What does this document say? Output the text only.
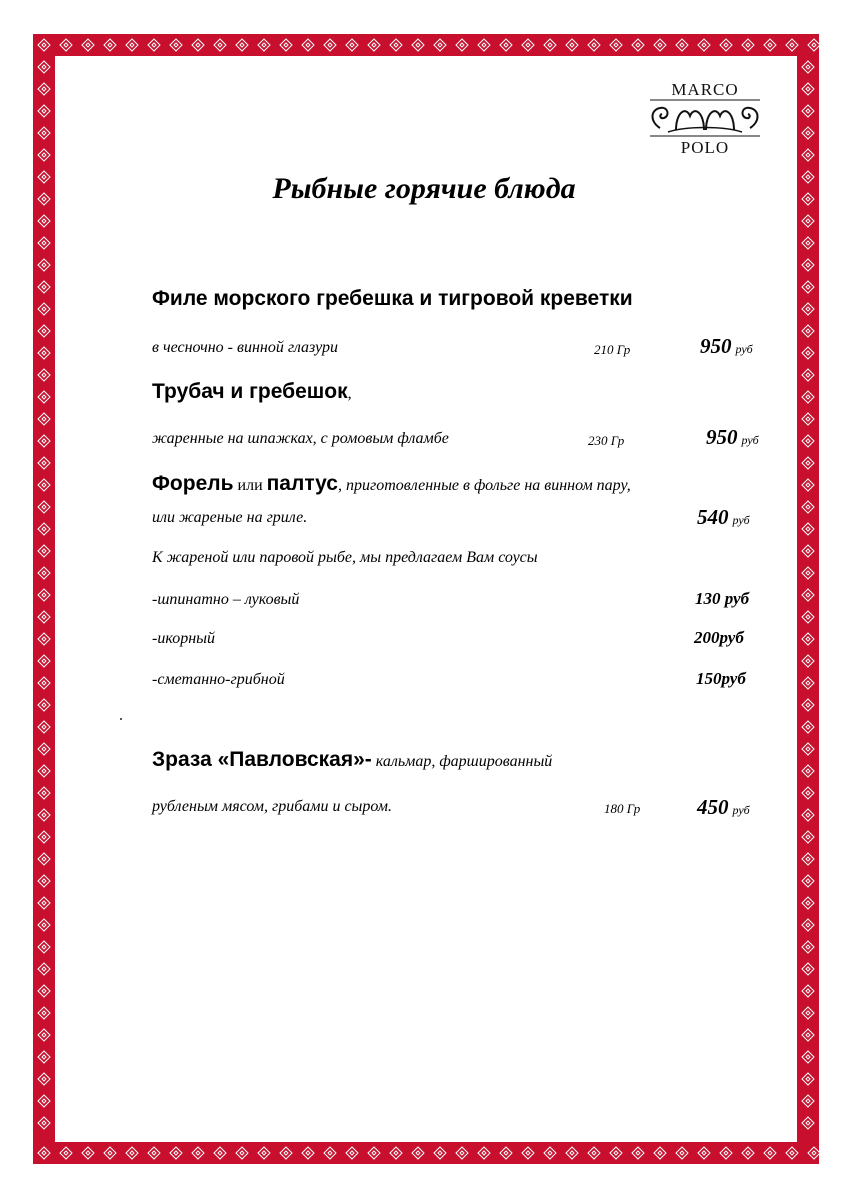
MARCO
POLO
Рыбные горячие блюда
Филе морского гребешка и тигровой креветки
в чесночно - винной глазури	210 Гр	950 руб
Трубач и гребешок,
жаренные на шпажках, с ромовым фламбе	230 Гр	950 руб
Форель или палтус, приготовленные в фольге на винном пару,
или жареные на гриле.	540 руб
К жареной или паровой рыбе, мы предлагаем Вам соусы
-шпинатно – луковый	130 руб
-икорный	200руб
-сметанно-грибной	150руб
Зраза «Павловская»- кальмар, фаршированный
рубленым мясом, грибами и сыром.	180 Гр	450 руб
